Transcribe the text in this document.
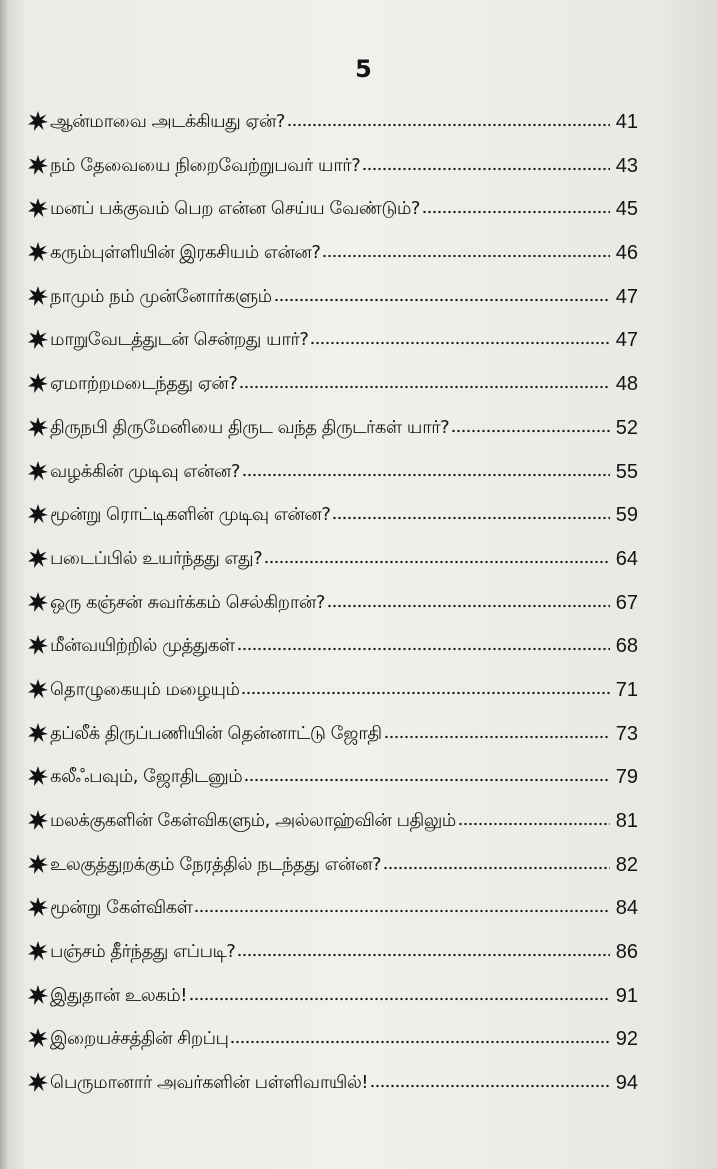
5
ஆன்மாவை அடக்கியது ஏன்?	41
நம் தேவையை நிறைவேற்றுபவர் யார்?	43
மனப் பக்குவம் பெற என்ன செய்ய வேண்டும்?	45
கரும்புள்ளியின் இரகசியம் என்ன?	46
நாமும் நம் முன்னோர்களும்	47
மாறுவேடத்துடன் சென்றது யார்?	47
ஏமாற்றமடைந்தது ஏன்?	48
திருநபி திருமேனியை திருட வந்த திருடர்கள் யார்?	52
வழக்கின் முடிவு என்ன?	55
மூன்று ரொட்டிகளின் முடிவு என்ன?	59
படைப்பில் உயர்ந்தது எது?	64
ஒரு கஞ்சன் சுவர்க்கம் செல்கிறான்?	67
மீன்வயிற்றில் முத்துகள்	68
தொழுகையும் மழையும்	71
தப்லீக் திருப்பணியின் தென்னாட்டு ஜோதி	73
கலீஃபவும், ஜோதிடனும்	79
மலக்குகளின் கேள்விகளும், அல்லாஹ்வின் பதிலும்	81
உலகுத்துறக்கும் நேரத்தில் நடந்தது என்ன?	82
மூன்று கேள்விகள்	84
பஞ்சம் தீர்ந்தது எப்படி?	86
இதுதான் உலகம்!	91
இறையச்சத்தின் சிறப்பு	92
பெருமானார் அவர்களின் பள்ளிவாயில்!	94
